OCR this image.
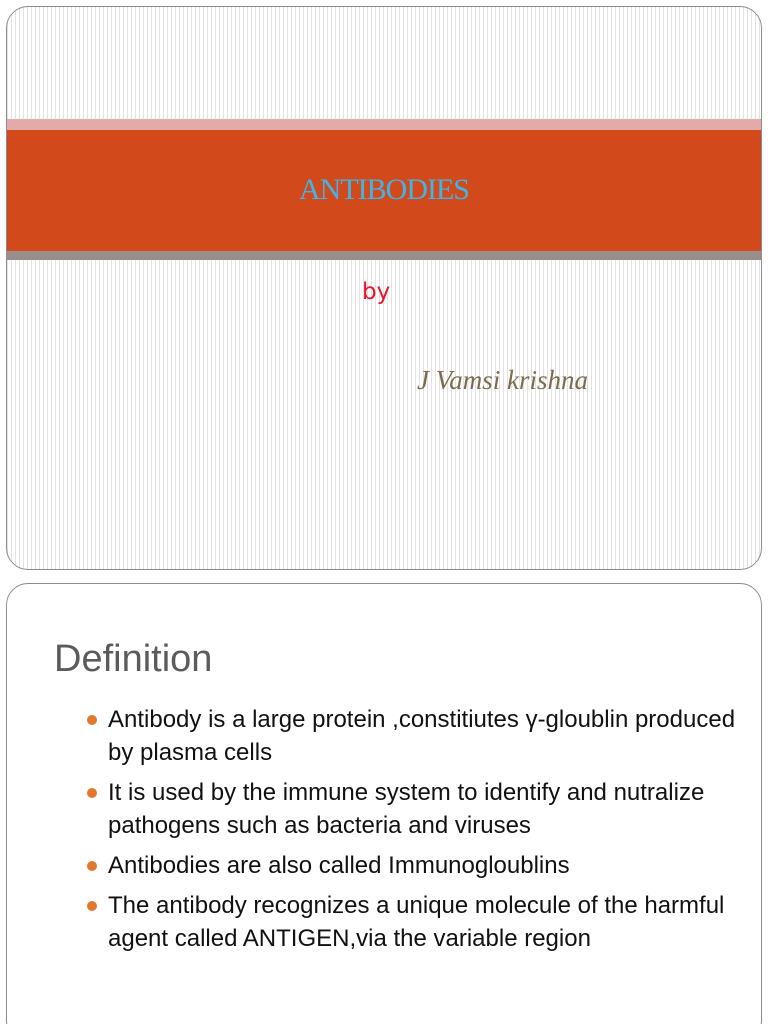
ANTIBODIES
by
J Vamsi krishna
Definition
Antibody is a large protein ,constitiutes γ-gloublin produced by plasma cells
It is used by the immune system to identify and nutralize pathogens such as bacteria and viruses
Antibodies are also called Immunogloublins
The antibody recognizes a unique molecule of the harmful agent called ANTIGEN,via the variable region
